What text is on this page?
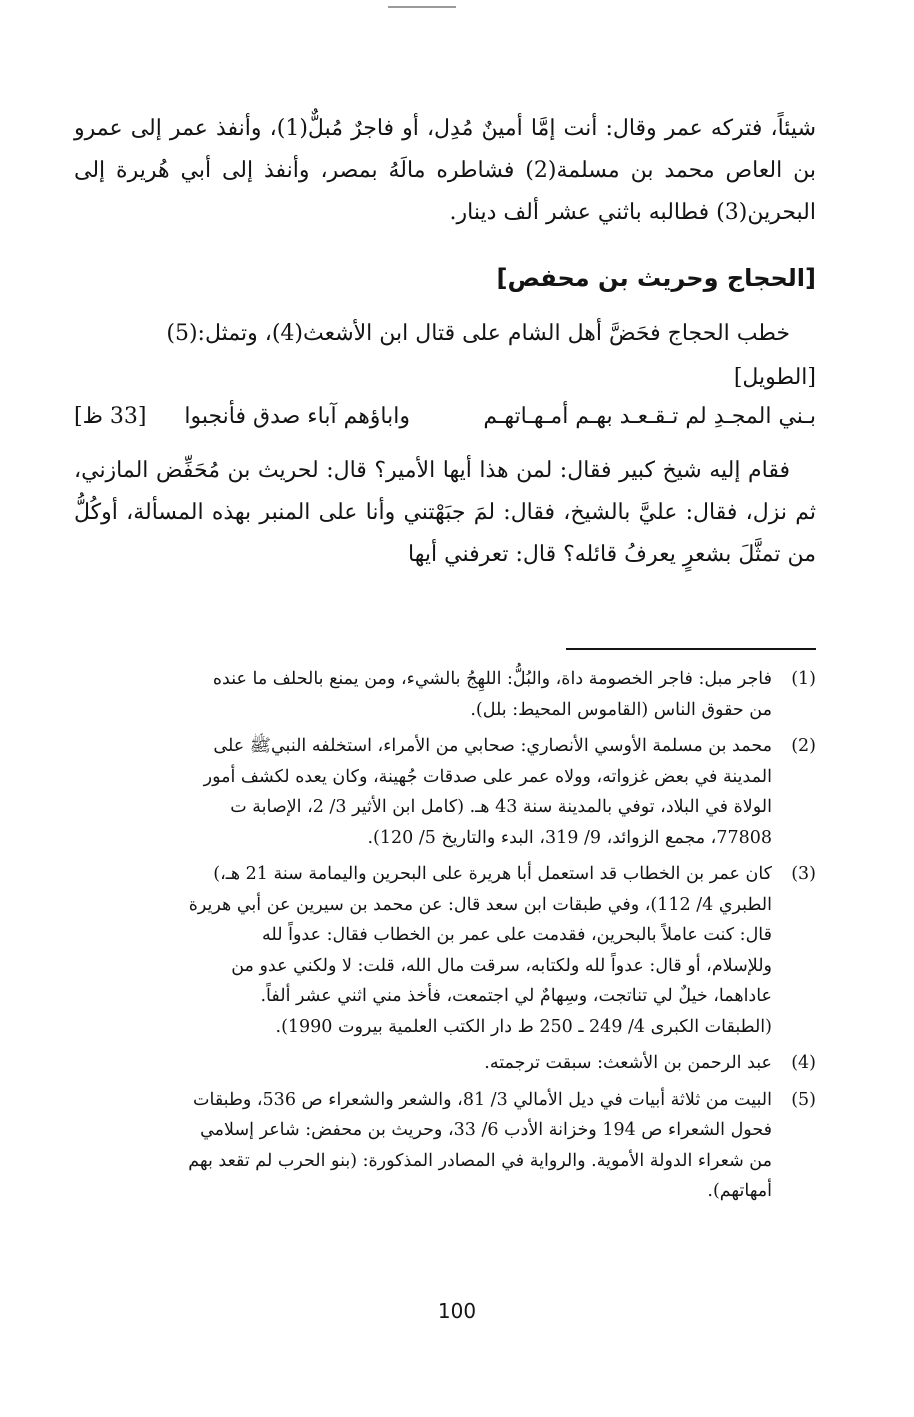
شيئاً، فتركه عمر وقال: أنت إمَّا أمينٌ مُدِل، أو فاجرٌ مُبلٌّ(1)، وأنفذ عمر إلى عمرو بن العاص محمد بن مسلمة(2) فشاطره مالَهُ بمصر، وأنفذ إلى أبي هُريرة إلى البحرين(3) فطالبه باثني عشر ألف دينار.

[الحجاج وحريث بن محفص]

خطب الحجاج فحَضَّ أهل الشام على قتال ابن الأشعث(4)، وتمثل:(5)

[الطويل]
بـني المجـدِ لم تـقـعـد بهـم أمـهـاتهـم
واباؤهم آباء صدق فأنجبوا
[33 ظ]

فقام إليه شيخ كبير فقال: لمن هذا أيها الأمير؟ قال: لحريث بن مُحَفِّض المازني، ثم نزل، فقال: عليَّ بالشيخ، فقال: لمَ جبَهْتني وأنا على المنبر بهذه المسألة، أوكُلُّ من تمثَّلَ بشعرٍ يعرفُ قائله؟ قال: تعرفني أيها

(1)
فاجر مبل: فاجر الخصومة داة، والبُلُّ: اللهِجُ بالشيء، ومن يمنع بالحلف ما عنده
من حقوق الناس (القاموس المحيط: بلل).
(2)
محمد بن مسلمة الأوسي الأنصاري: صحابي من الأمراء، استخلفه النبيﷺ على
المدينة في بعض غزواته، وولاه عمر على صدقات جُهينة، وكان يعده لكشف أمور
الولاة في البلاد، توفي بالمدينة سنة 43 هـ. (كامل ابن الأثير 3/ 2، الإصابة ت
77808، مجمع الزوائد، 9/ 319، البدء والتاريخ 5/ 120).
(3)
كان عمر بن الخطاب قد استعمل أبا هريرة على البحرين واليمامة سنة 21 هـ،)
الطبري 4/ 112)، وفي طبقات ابن سعد قال: عن محمد بن سيرين عن أبي هريرة
قال: كنت عاملاً بالبحرين، فقدمت على عمر بن الخطاب فقال: عدواً لله
وللإسلام، أو قال: عدواً لله ولكتابه، سرقت مال الله، قلت: لا ولكني عدو من
عاداهما، خيلٌ لي تناتجت، وسِهامٌ لي اجتمعت، فأخذ مني اثني عشر ألفاً.
(الطبقات الكبرى 4/ 249 ـ 250 ط دار الكتب العلمية بيروت 1990).
(4)
عبد الرحمن بن الأشعث: سبقت ترجمته.
(5)
البيت من ثلاثة أبيات في ديل الأمالي 3/ 81، والشعر والشعراء ص 536، وطبقات
فحول الشعراء ص 194 وخزانة الأدب 6/ 33، وحريث بن محفض: شاعر إسلامي
من شعراء الدولة الأموية. والرواية في المصادر المذكورة: (بنو الحرب لم تقعد بهم
أمهاتهم).
100
